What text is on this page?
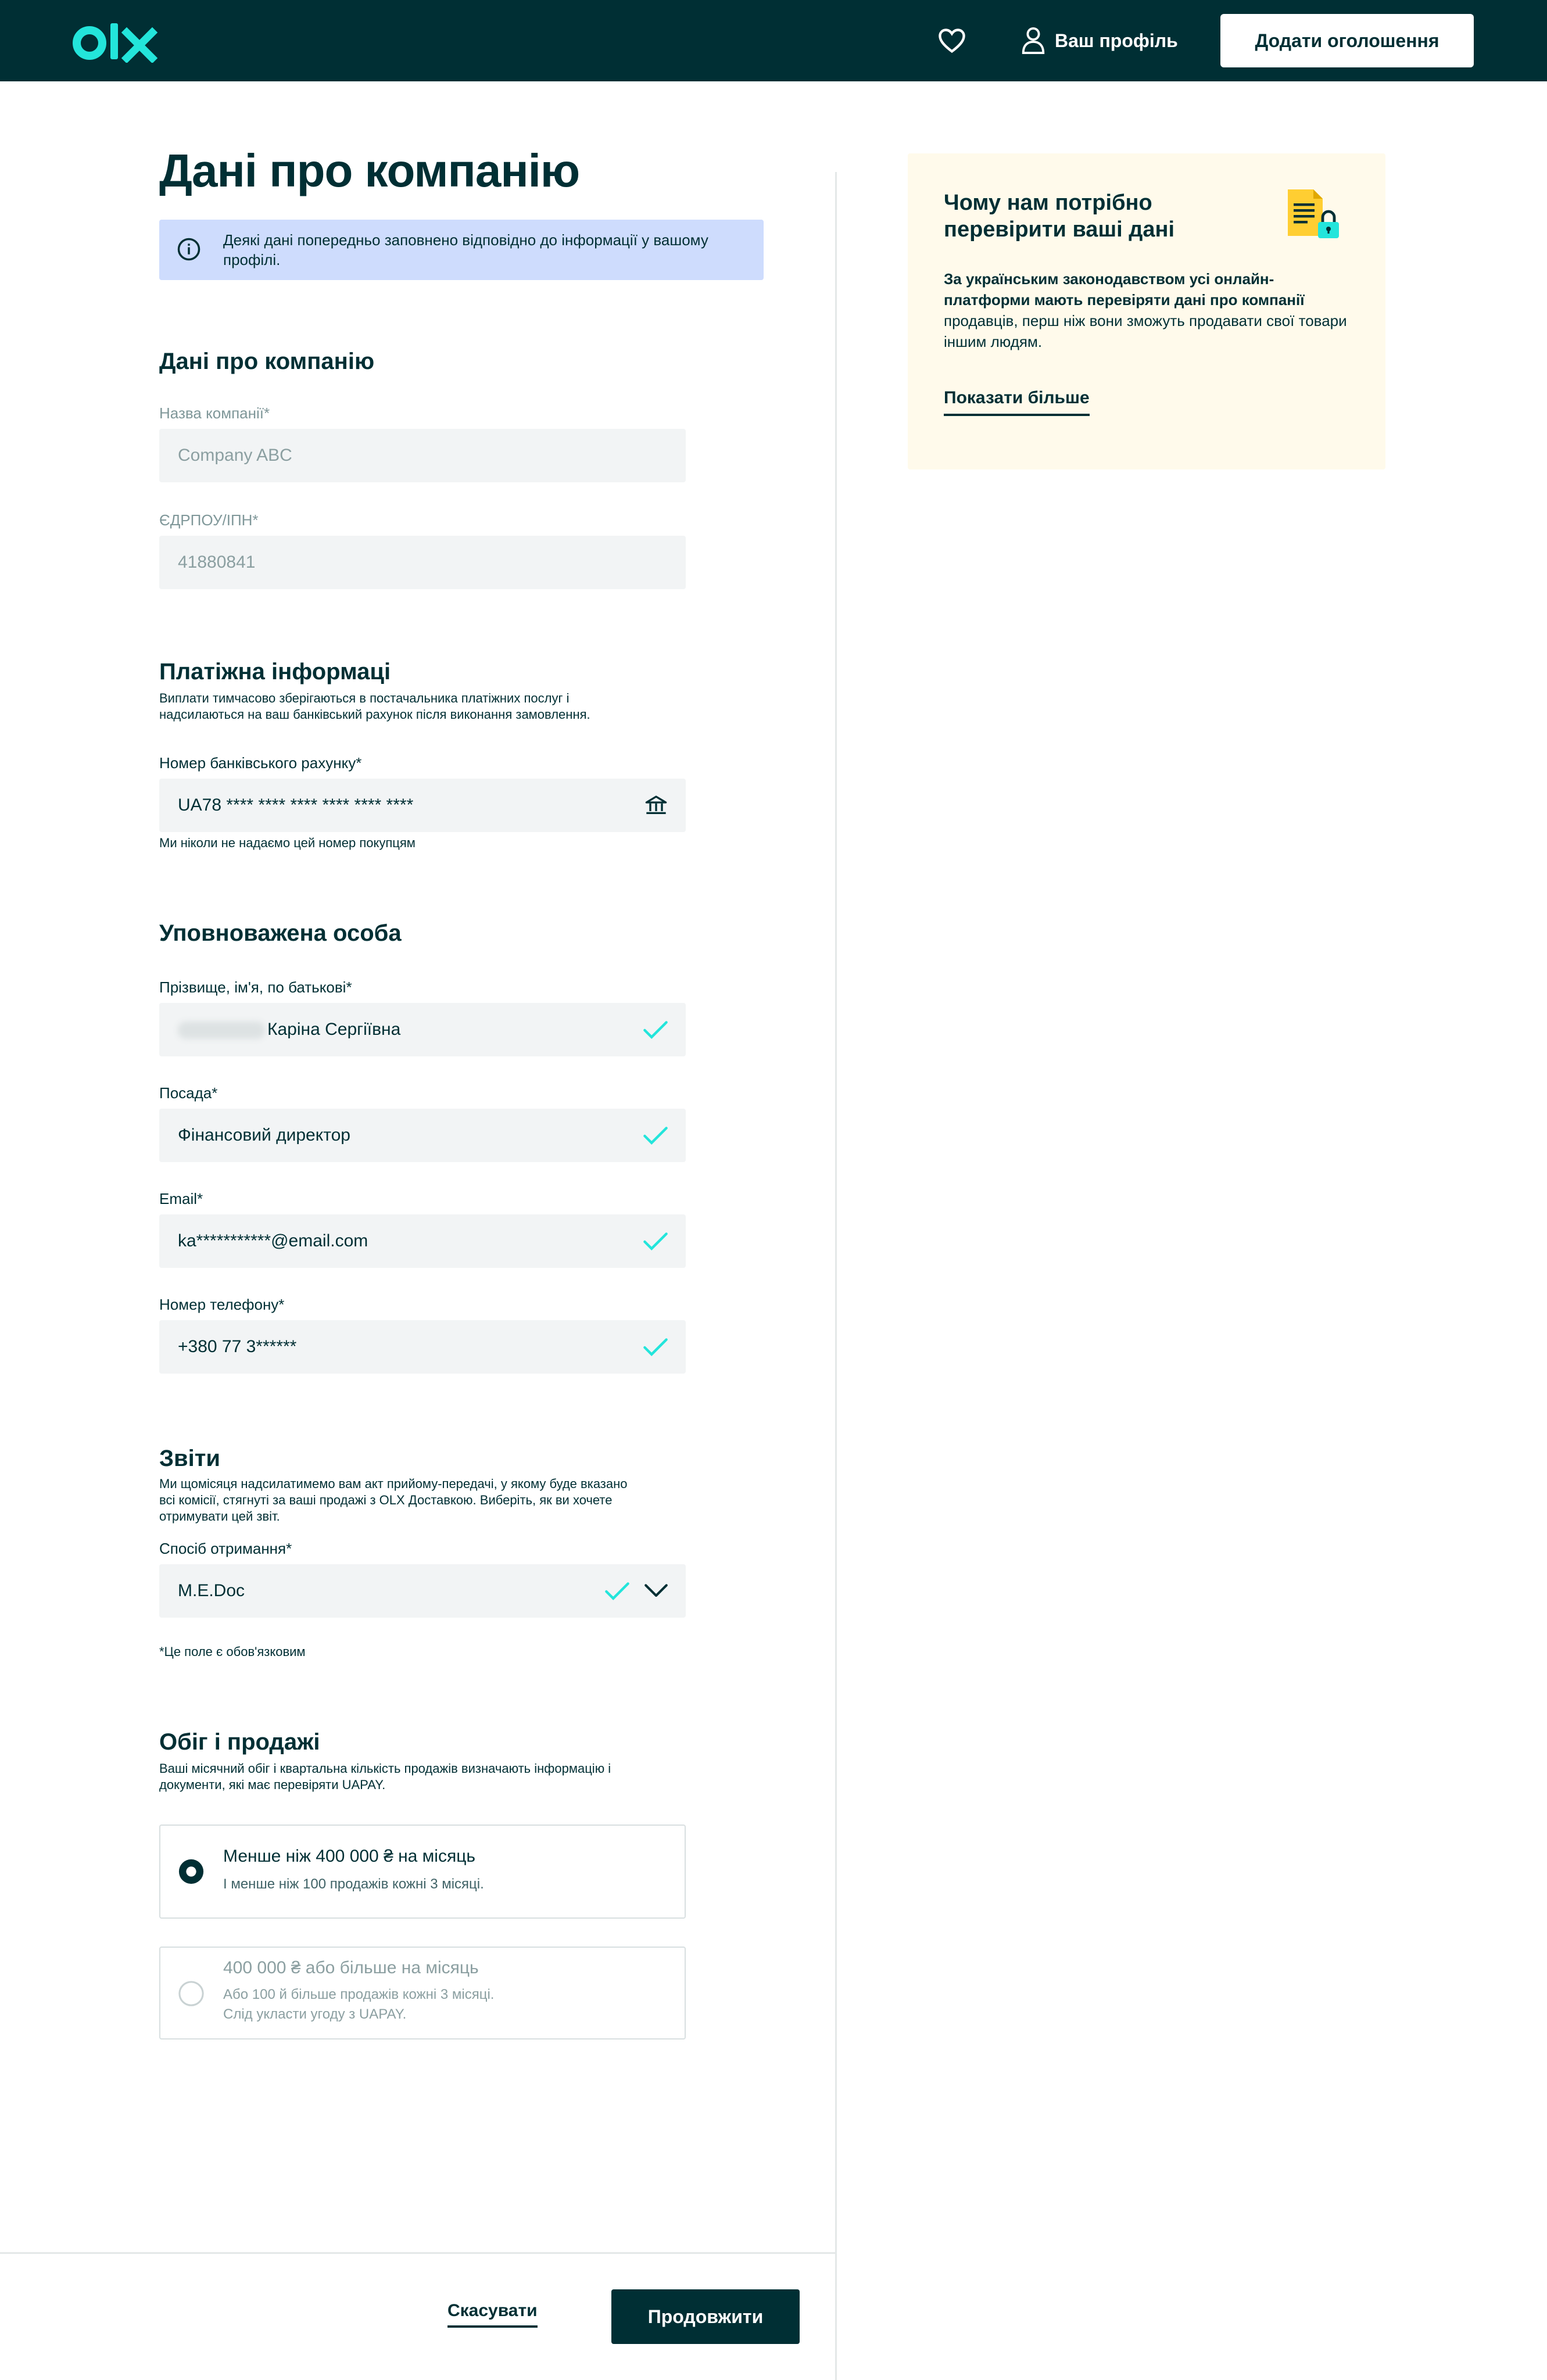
Ваш профіль	Додати оголошення
Дані про компанію
Деякі дані попередньо заповнено відповідно до інформації у вашому профілі.
Дані про компанію
Назва компанії*
Company ABC
ЄДРПОУ/ІПН*
41880841
Платіжна інформаці
Виплати тимчасово зберігаються в постачальника платіжних послуг і надсилаються на ваш банківський рахунок після виконання замовлення.
Номер банківського рахунку*
UA78 **** **** **** **** **** ****
Ми ніколи не надаємо цей номер покупцям
Уповноважена особа
Прізвище, ім'я, по батькові*
Каріна Сергіївна
Посада*
Фінансовий директор
Email*
ka***********@email.com
Номер телефону*
+380 77 3******
Звіти
Ми щомісяця надсилатимемо вам акт прийому-передачі, у якому буде вказано всі комісії, стягнуті за ваші продажі з OLX Доставкою. Виберіть, як ви хочете отримувати цей звіт.
Спосіб отримання*
M.E.Doc
*Це поле є обов'язковим
Обіг і продажі
Ваші місячний обіг і квартальна кількість продажів визначають інформацію і документи, які має перевіряти UAPAY.
Менше ніж 400 000 ₴ на місяць
І менше ніж 100 продажів кожні 3 місяці.
400 000 ₴ або більше на місяць
Або 100 й більше продажів кожні 3 місяці.
Слід укласти угоду з UAPAY.
Чому нам потрібно перевірити ваші дані
За українським законодавством усі онлайн-платформи мають перевіряти дані про компанії продавців, перш ніж вони зможуть продавати свої товари іншим людям.
Показати більше
Скасувати	Продовжити
